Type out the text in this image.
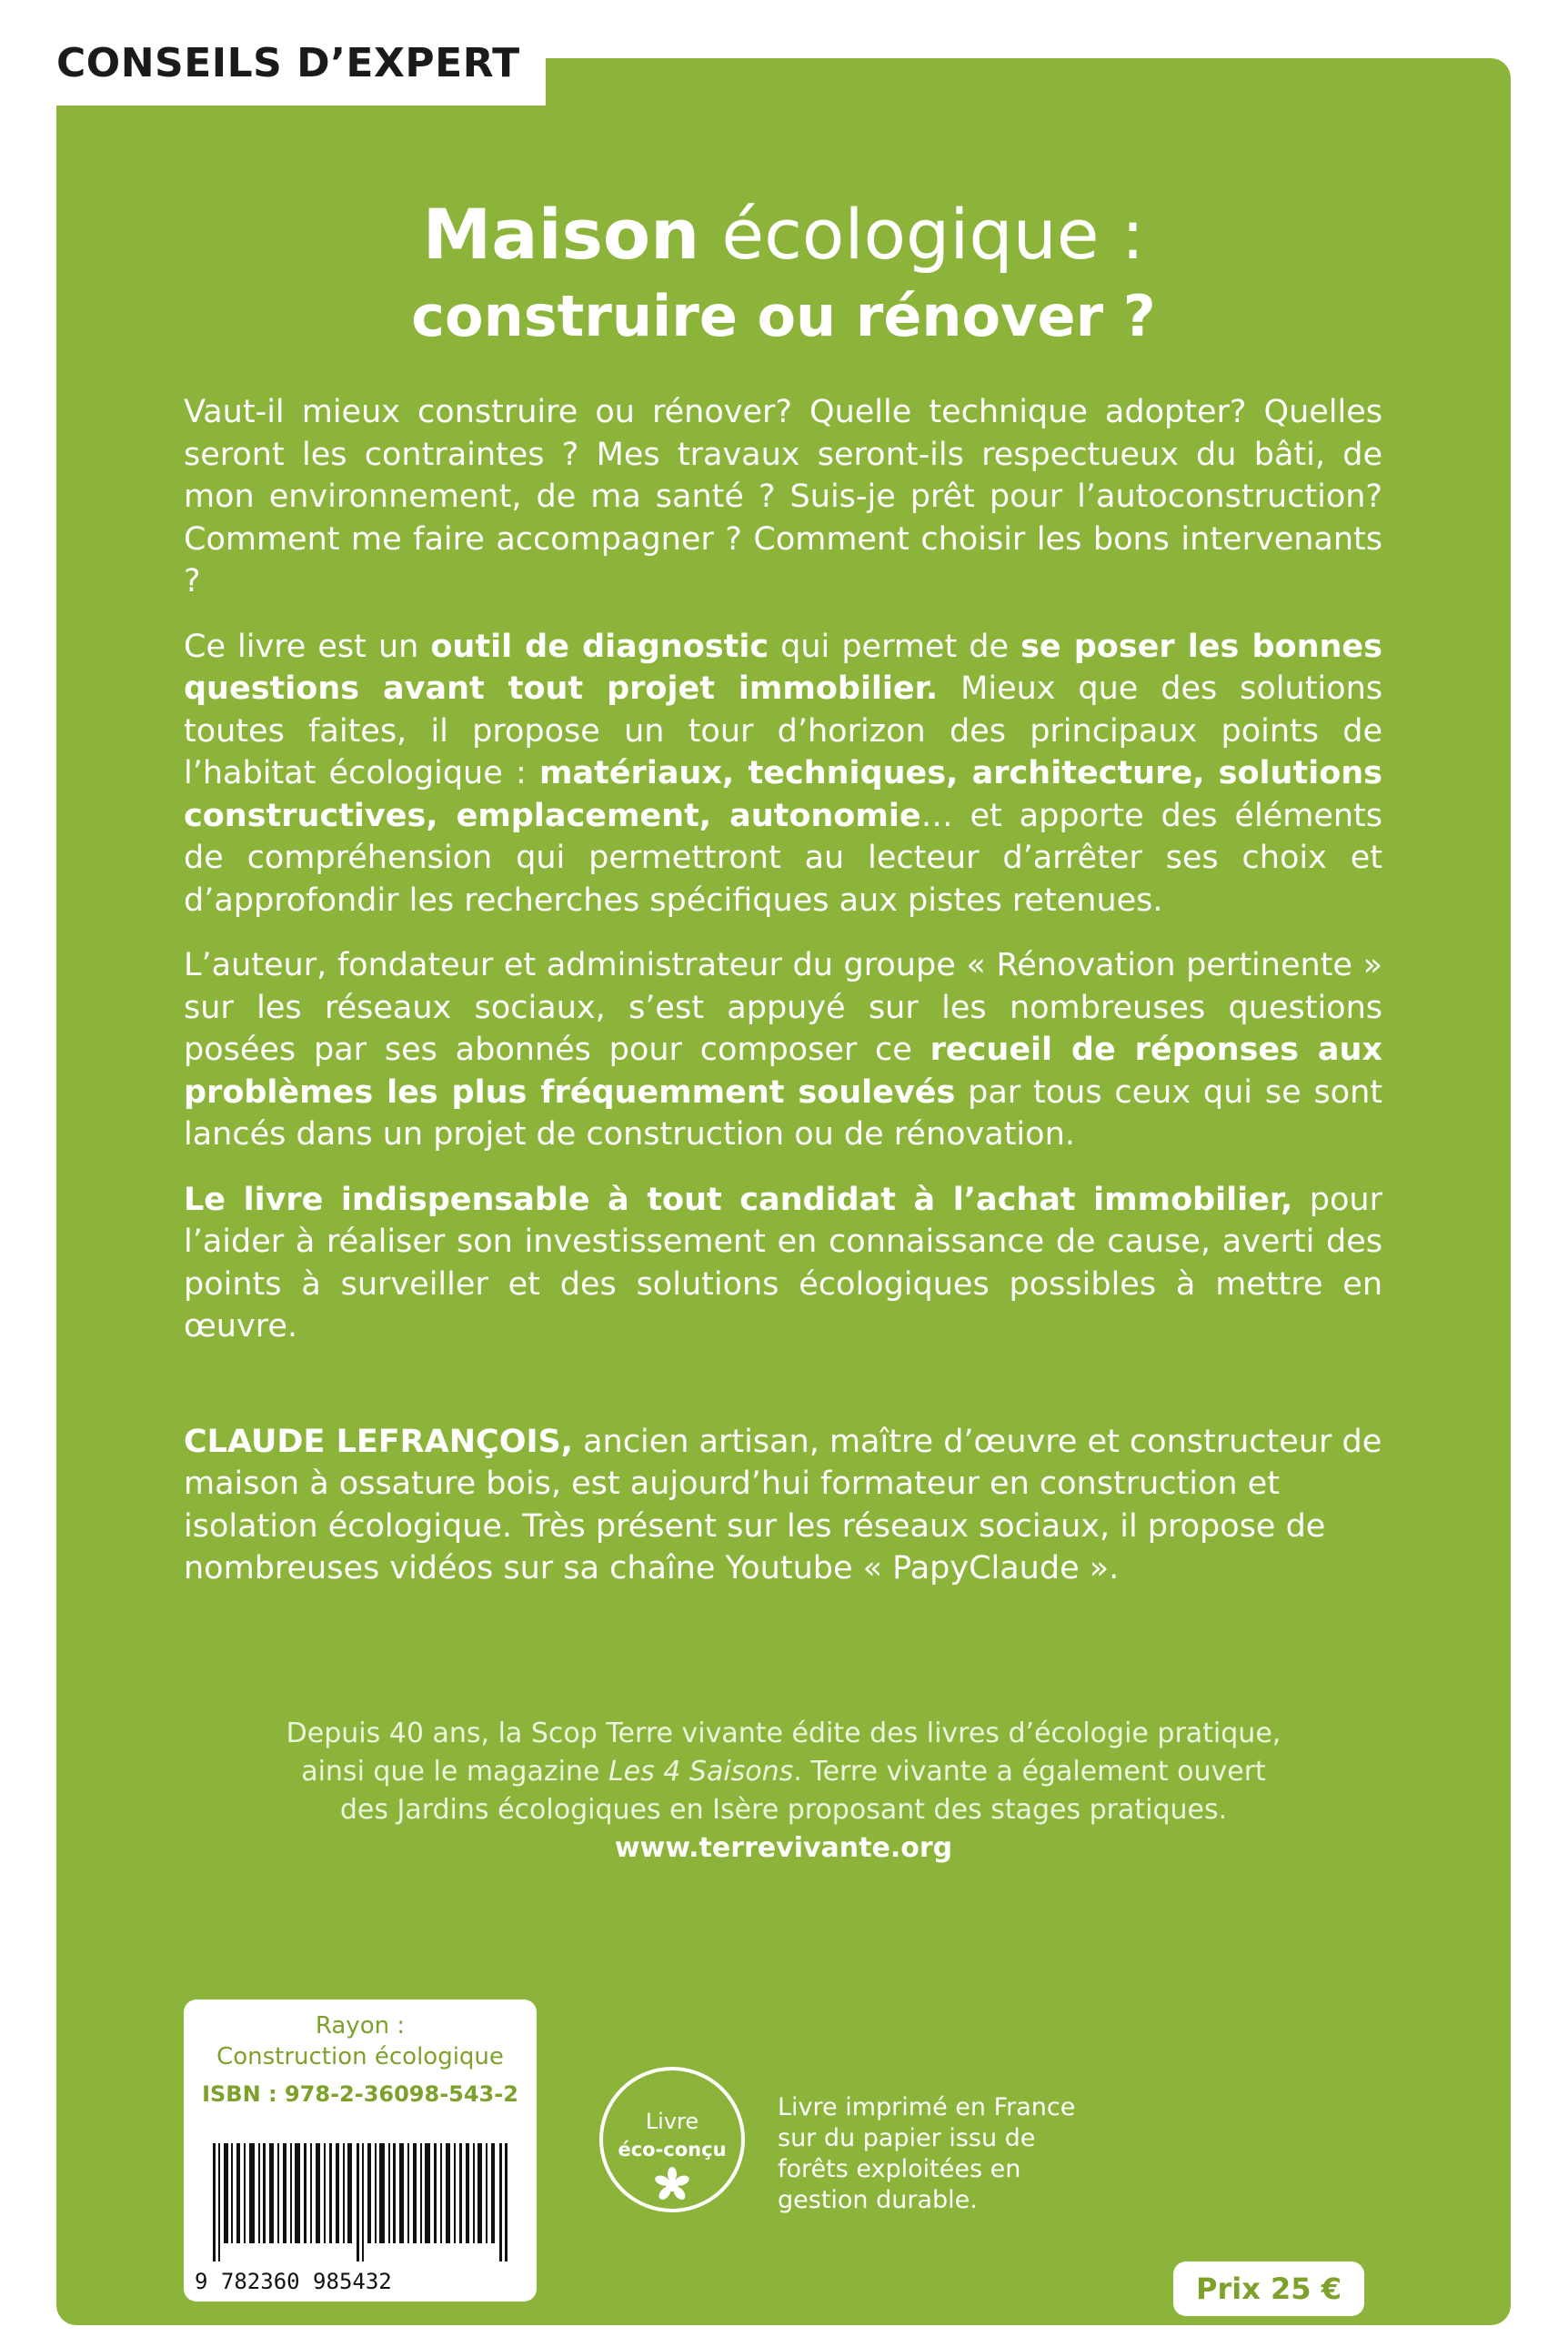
CONSEILS D’EXPERT

Maison écologique :

construire ou rénover ?

Vaut-il mieux construire ou rénover? Quelle technique adopter? Quelles seront les contraintes ? Mes travaux seront-ils respectueux du bâti, de mon environnement, de ma santé ? Suis-je prêt pour l’autoconstruction? Comment me faire accompagner ? Comment choisir les bons intervenants ?

Ce livre est un outil de diagnostic qui permet de se poser les bonnes questions avant tout projet immobilier. Mieux que des solutions toutes faites, il propose un tour d’horizon des principaux points de l’habitat écologique : matériaux, techniques, architecture, solutions constructives, emplacement, autonomie… et apporte des éléments de compréhension qui permettront au lecteur d’arrêter ses choix et d’approfondir les recherches spécifiques aux pistes retenues.

L’auteur, fondateur et administrateur du groupe « Rénovation pertinente » sur les réseaux sociaux, s’est appuyé sur les nombreuses questions posées par ses abonnés pour composer ce recueil de réponses aux problèmes les plus fréquemment soulevés par tous ceux qui se sont lancés dans un projet de construction ou de rénovation.

Le livre indispensable à tout candidat à l’achat immobilier, pour l’aider à réaliser son investissement en connaissance de cause, averti des points à surveiller et des solutions écologiques possibles à mettre en œuvre.

CLAUDE LEFRANÇOIS, ancien artisan, maître d’œuvre et constructeur de maison à ossature bois, est aujourd’hui formateur en construction et isolation écologique. Très présent sur les réseaux sociaux, il propose de nombreuses vidéos sur sa chaîne Youtube « PapyClaude ».

Depuis 40 ans, la Scop Terre vivante édite des livres d’écologie pratique,

ainsi que le magazine Les 4 Saisons. Terre vivante a également ouvert

des Jardins écologiques en Isère proposant des stages pratiques.

www.terrevivante.org

Rayon :
Construction écologique
ISBN : 978-2-36098-543-2
9 782360 985432
Livre
éco-conçu

Livre imprimé en France

sur du papier issu de

forêts exploitées en

gestion durable.

Prix 25 €
